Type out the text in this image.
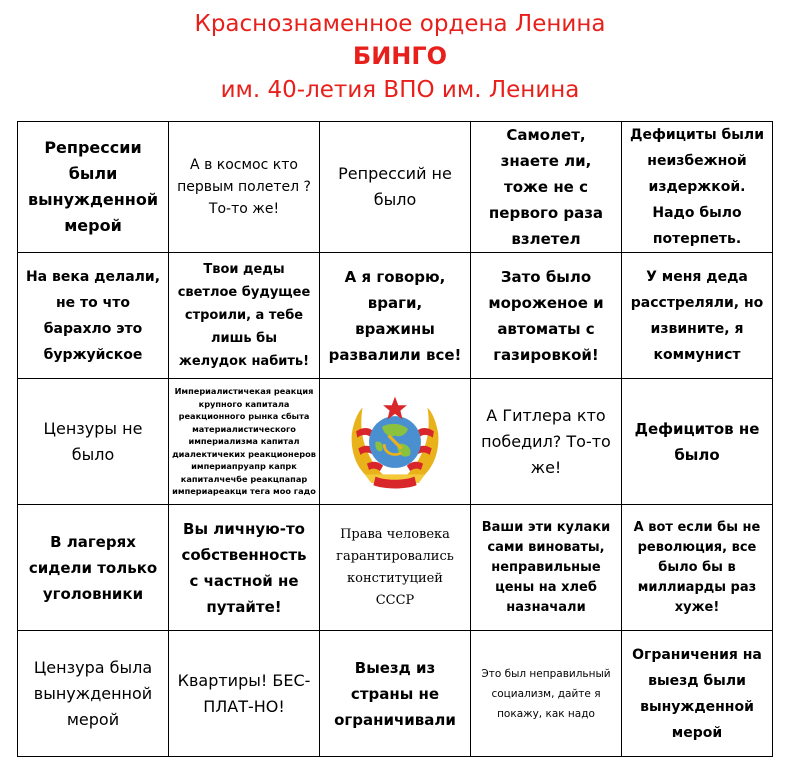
Краснознаменное ордена Ленина
БИНГО
им. 40-летия ВПО им. Ленина
Репрессии были вынужденной мерой	А в космос кто первым полетел ? То-то же!	Репрессий не было	Самолет, знаете ли, тоже не с первого раза взлетел	Дефициты были неизбежной издержкой. Надо было потерпеть.

На века делали, не то что барахло это буржуйское	Твои деды светлое будущее строили, а тебе лишь бы желудок набить!	А я говорю, враги, вражины развалили все!	Зато было мороженое и автоматы с газировкой!	У меня деда расстреляли, но извините, я коммунист

Цензуры не было	Империалистичекая реакция крупного капитала реакционного рынка сбыта материалистического империализма капитал диалектичеких реакционеров империапруапр капрк капиталчечбе реакцпапар империареакци тега моо гадо		А Гитлера кто победил? То-то же!	Дефицитов не было

В лагерях сидели только уголовники	Вы личную-то собственность с частной не путайте!	Права человека гарантировались конституцией СССР	Ваши эти кулаки сами виноваты, неправильные цены на хлеб назначали	А вот если бы не революция, все было бы в миллиарды раз хуже!

Цензура была вынужденной мерой	Квартиры! БЕС-ПЛАТ-НО!	Выезд из страны не ограничивали	Это был неправильный социализм, дайте я покажу, как надо	Ограничения на выезд были вынужденной мерой
